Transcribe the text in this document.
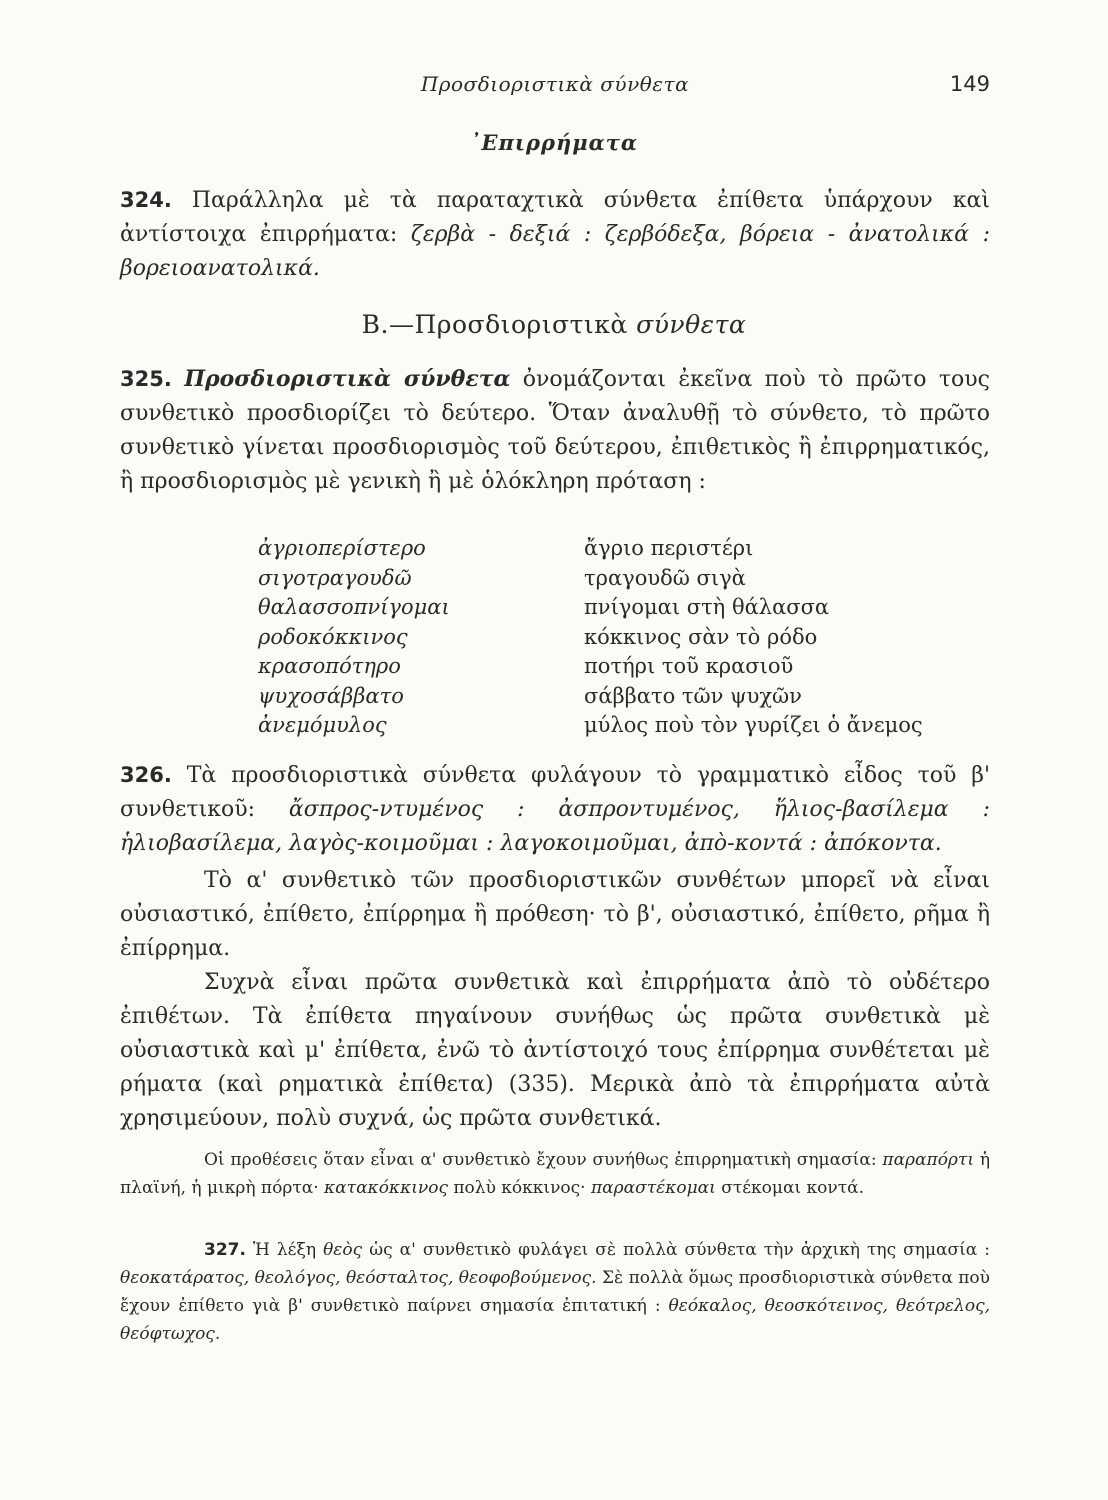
Προσδιοριστικὰ σύνθετα	149
᾿Επιρρήματα
324. Παράλληλα μὲ τὰ παραταχτικὰ σύνθετα ἐπίθετα ὑπάρχουν καὶ ἀντίστοιχα ἐπιρρήματα: ζερβὰ - δεξιά : ζερβόδεξα, βόρεια - ἀνατολικά : βορειοανατολικά.
Β.—Προσδιοριστικὰ σύνθετα
325. Προσδιοριστικὰ σύνθετα ὀνομάζονται ἐκεῖνα ποὺ τὸ πρῶτο τους συνθετικὸ προσδιορίζει τὸ δεύτερο. Ὅταν ἀναλυθῇ τὸ σύνθετο, τὸ πρῶτο συνθετικὸ γίνεται προσδιορισμὸς τοῦ δεύτερου, ἐπιθετικὸς ἢ ἐπιρρηματικός, ἢ προσδιορισμὸς μὲ γενικὴ ἢ μὲ ὁλόκληρη πρόταση :
ἀγριοπερίστερο	ἄγριο περιστέρι
σιγοτραγουδῶ	τραγουδῶ σιγὰ
θαλασσοπνίγομαι	πνίγομαι στὴ θάλασσα
ροδοκόκκινος	κόκκινος σὰν τὸ ρόδο
κρασοπότηρο	ποτήρι τοῦ κρασιοῦ
ψυχοσάββατο	σάββατο τῶν ψυχῶν
ἀνεμόμυλος	μύλος ποὺ τὸν γυρίζει ὁ ἄνεμος
326. Τὰ προσδιοριστικὰ σύνθετα φυλάγουν τὸ γραμματικὸ εἶδος τοῦ β' συνθετικοῦ: ἄσπρος-ντυμένος : ἀσπροντυμένος, ἥλιος-βασίλεμα : ἡλιοβασίλεμα, λαγὸς-κοιμοῦμαι : λαγοκοιμοῦμαι, ἀπὸ-κοντά : ἀπόκοντα.
Τὸ α' συνθετικὸ τῶν προσδιοριστικῶν συνθέτων μπορεῖ νὰ εἶναι οὐσιαστικό, ἐπίθετο, ἐπίρρημα ἢ πρόθεση· τὸ β', οὐσιαστικό, ἐπίθετο, ρῆμα ἢ ἐπίρρημα.
Συχνὰ εἶναι πρῶτα συνθετικὰ καὶ ἐπιρρήματα ἀπὸ τὸ οὐδέτερο ἐπιθέτων. Τὰ ἐπίθετα πηγαίνουν συνήθως ὡς πρῶτα συνθετικὰ μὲ οὐσιαστικὰ καὶ μ' ἐπίθετα, ἐνῶ τὸ ἀντίστοιχό τους ἐπίρρημα συνθέτεται μὲ ρήματα (καὶ ρηματικὰ ἐπίθετα) (335). Μερικὰ ἀπὸ τὰ ἐπιρρήματα αὐτὰ χρησιμεύουν, πολὺ συχνά, ὡς πρῶτα συνθετικά.
Οἱ προθέσεις ὅταν εἶναι α' συνθετικὸ ἔχουν συνήθως ἐπιρρηματικὴ σημασία: παραπόρτι ἡ πλαϊνή, ἡ μικρὴ πόρτα· κατακόκκινος πολὺ κόκκινος· παραστέκομαι στέκομαι κοντά.
327. Ἡ λέξη θεὸς ὡς α' συνθετικὸ φυλάγει σὲ πολλὰ σύνθετα τὴν ἀρχικὴ της σημασία : θεοκατάρατος, θεολόγος, θεόσταλτος, θεοφοβούμενος. Σὲ πολλὰ ὅμως προσδιοριστικὰ σύνθετα ποὺ ἔχουν ἐπίθετο γιὰ β' συνθετικὸ παίρνει σημασία ἐπιτατική : θεόκαλος, θεοσκότεινος, θεότρελος, θεόφτωχος.
